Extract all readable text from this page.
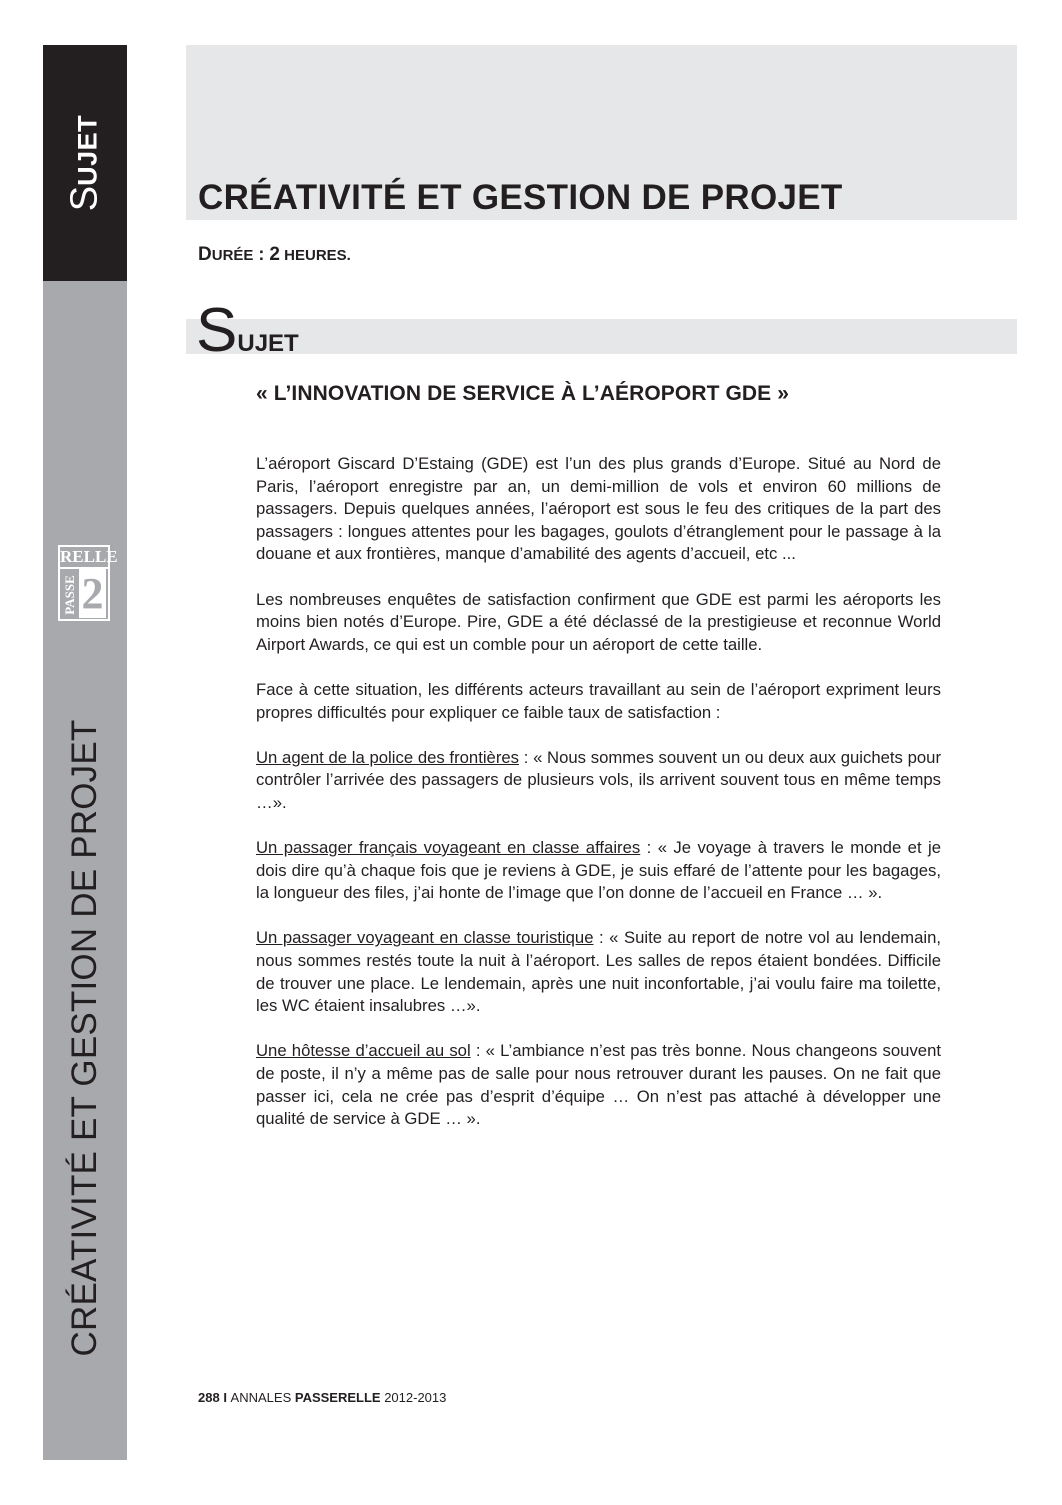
SUJET
RELLE
PASSE 2
CRÉATIVITÉ ET GESTION DE PROJET
CRÉATIVITÉ ET GESTION DE PROJET

DURÉE : 2 HEURES.

SUJET
« L’INNOVATION DE SERVICE À L’AÉROPORT GDE »

L’aéroport Giscard D’Estaing (GDE) est l’un des plus grands d’Europe. Situé au Nord de Paris, l’aéroport enregistre par an, un demi-million de vols et environ 60 millions de passagers. Depuis quelques années, l’aéroport est sous le feu des critiques de la part des passagers : longues attentes pour les bagages, goulots d’étranglement pour le passage à la douane et aux frontières, manque d’amabilité des agents d’accueil, etc ...

Les nombreuses enquêtes de satisfaction confirment que GDE est parmi les aéroports les moins bien notés d’Europe. Pire, GDE a été déclassé de la prestigieuse et reconnue World Airport Awards, ce qui est un comble pour un aéroport de cette taille.

Face à cette situation, les différents acteurs travaillant au sein de l’aéroport expriment leurs propres difficultés pour expliquer ce faible taux de satisfaction :

Un agent de la police des frontières : « Nous sommes souvent un ou deux aux guichets pour contrôler l’arrivée des passagers de plusieurs vols, ils arrivent souvent tous en même temps …».

Un passager français voyageant en classe affaires : « Je voyage à travers le monde et je dois dire qu’à chaque fois que je reviens à GDE, je suis effaré de l’attente pour les bagages, la longueur des files, j’ai honte de l’image que l’on donne de l’accueil en France … ».

Un passager voyageant en classe touristique : « Suite au report de notre vol au lendemain, nous sommes restés toute la nuit à l’aéroport. Les salles de repos étaient bondées. Difficile de trouver une place. Le lendemain, après une nuit inconfortable, j’ai voulu faire ma toilette, les WC étaient insalubres …».

Une hôtesse d’accueil au sol : « L’ambiance n’est pas très bonne. Nous changeons souvent de poste, il n’y a même pas de salle pour nous retrouver durant les pauses. On ne fait que passer ici, cela ne crée pas d’esprit d’équipe … On n’est pas attaché à développer une qualité de service à GDE … ».

288 I ANNALES PASSERELLE 2012-2013
